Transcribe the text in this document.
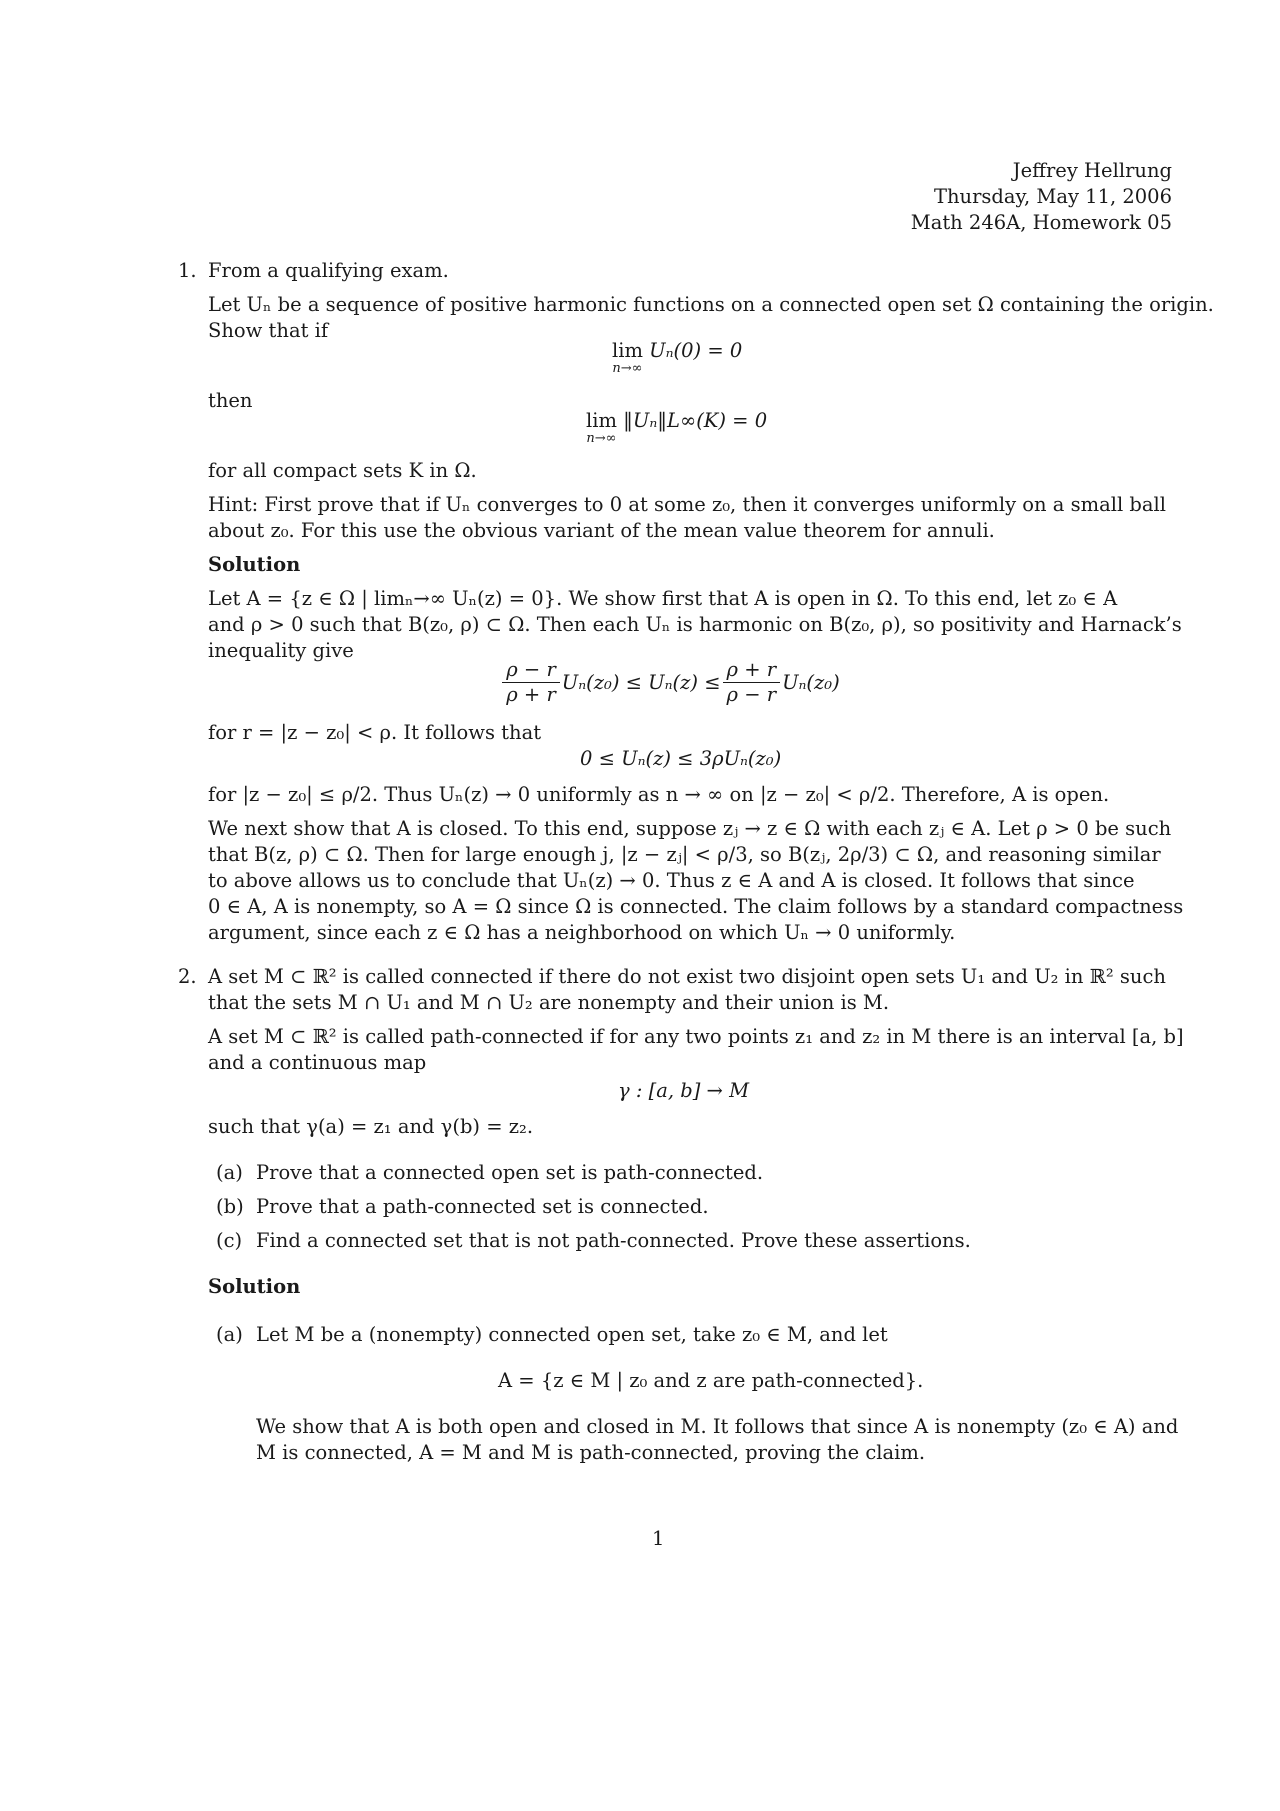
Jeffrey Hellrung
Thursday, May 11, 2006
Math 246A, Homework 05
1. From a qualifying exam.
Let Uₙ be a sequence of positive harmonic functions on a connected open set Ω containing the origin.
Show that if
lim
n→∞
Uₙ(0) = 0
then
lim
n→∞
‖Uₙ‖L∞(K) = 0
for all compact sets K in Ω.
Hint: First prove that if Uₙ converges to 0 at some z₀, then it converges uniformly on a small ball
about z₀. For this use the obvious variant of the mean value theorem for annuli.
Solution
Let A = {z ∈ Ω | limₙ→∞ Uₙ(z) = 0}. We show first that A is open in Ω. To this end, let z₀ ∈ A
and ρ > 0 such that B(z₀, ρ) ⊂ Ω. Then each Uₙ is harmonic on B(z₀, ρ), so positivity and Harnack’s
inequality give
$\frac{\rho - r}{\rho + r} U_n(z_0) \le U_n(z) \le \frac{\rho + r}{\rho - r} U_n(z_0)$
for r = |z − z₀| < ρ. It follows that
0 ≤ Uₙ(z) ≤ 3ρUₙ(z₀)
for |z − z₀| ≤ ρ/2. Thus Uₙ(z) → 0 uniformly as n → ∞ on |z − z₀| < ρ/2. Therefore, A is open.
We next show that A is closed. To this end, suppose zⱼ → z ∈ Ω with each zⱼ ∈ A. Let ρ > 0 be such
that B(z, ρ) ⊂ Ω. Then for large enough j, |z − zⱼ| < ρ/3, so B(zⱼ, 2ρ/3) ⊂ Ω, and reasoning similar
to above allows us to conclude that Uₙ(z) → 0. Thus z ∈ A and A is closed. It follows that since
0 ∈ A, A is nonempty, so A = Ω since Ω is connected. The claim follows by a standard compactness
argument, since each z ∈ Ω has a neighborhood on which Uₙ → 0 uniformly.
2. A set M ⊂ ℝ² is called connected if there do not exist two disjoint open sets U₁ and U₂ in ℝ² such
that the sets M ∩ U₁ and M ∩ U₂ are nonempty and their union is M.
A set M ⊂ ℝ² is called path-connected if for any two points z₁ and z₂ in M there is an interval [a, b]
and a continuous map
γ : [a, b] → M
such that γ(a) = z₁ and γ(b) = z₂.
(a) Prove that a connected open set is path-connected.
(b) Prove that a path-connected set is connected.
(c) Find a connected set that is not path-connected. Prove these assertions.
Solution
(a) Let M be a (nonempty) connected open set, take z₀ ∈ M, and let
A = {z ∈ M | z₀ and z are path-connected}.
We show that A is both open and closed in M. It follows that since A is nonempty (z₀ ∈ A) and
M is connected, A = M and M is path-connected, proving the claim.
1
